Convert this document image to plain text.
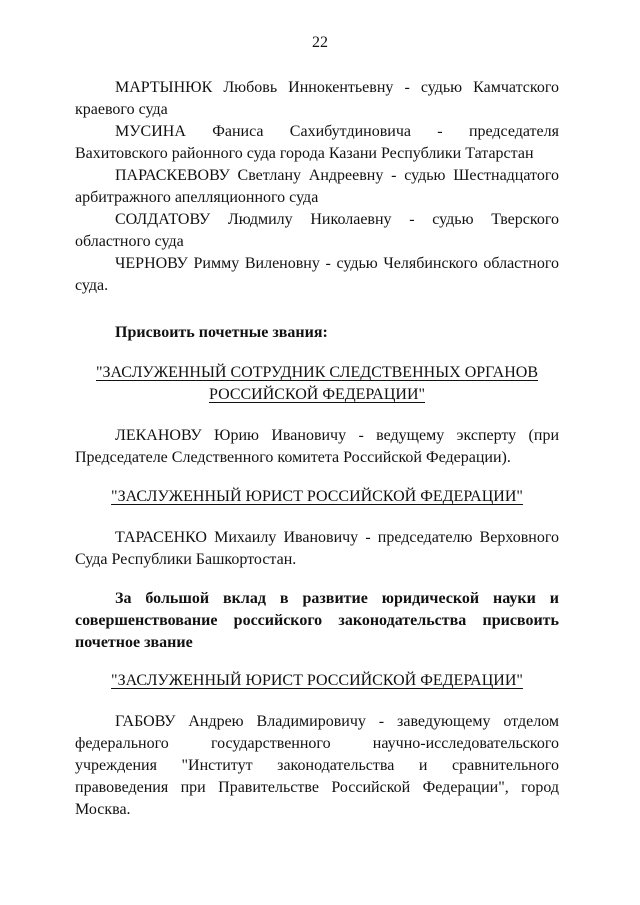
22

МАРТЫНЮК Любовь Иннокентьевну - судью Камчатского краевого суда

МУСИНА Фаниса Сахибутдиновича - председателя Вахитовского районного суда города Казани Республики Татарстан

ПАРАСКЕВОВУ Светлану Андреевну - судью Шестнадцатого арбитражного апелляционного суда

СОЛДАТОВУ Людмилу Николаевну - судью Тверского областного суда

ЧЕРНОВУ Римму Виленовну - судью Челябинского областного суда.

Присвоить почетные звания:

"ЗАСЛУЖЕННЫЙ СОТРУДНИК СЛЕДСТВЕННЫХ ОРГАНОВ
РОССИЙСКОЙ ФЕДЕРАЦИИ"

ЛЕКАНОВУ Юрию Ивановичу - ведущему эксперту (при Председателе Следственного комитета Российской Федерации).

"ЗАСЛУЖЕННЫЙ ЮРИСТ РОССИЙСКОЙ ФЕДЕРАЦИИ"

ТАРАСЕНКО Михаилу Ивановичу - председателю Верховного Суда Республики Башкортостан.

За большой вклад в развитие юридической науки и совершенствование российского законодательства присвоить почетное звание

"ЗАСЛУЖЕННЫЙ ЮРИСТ РОССИЙСКОЙ ФЕДЕРАЦИИ"

ГАБОВУ Андрею Владимировичу - заведующему отделом федерального государственного научно-исследовательского учреждения "Институт законодательства и сравнительного правоведения при Правительстве Российской Федерации", город Москва.
